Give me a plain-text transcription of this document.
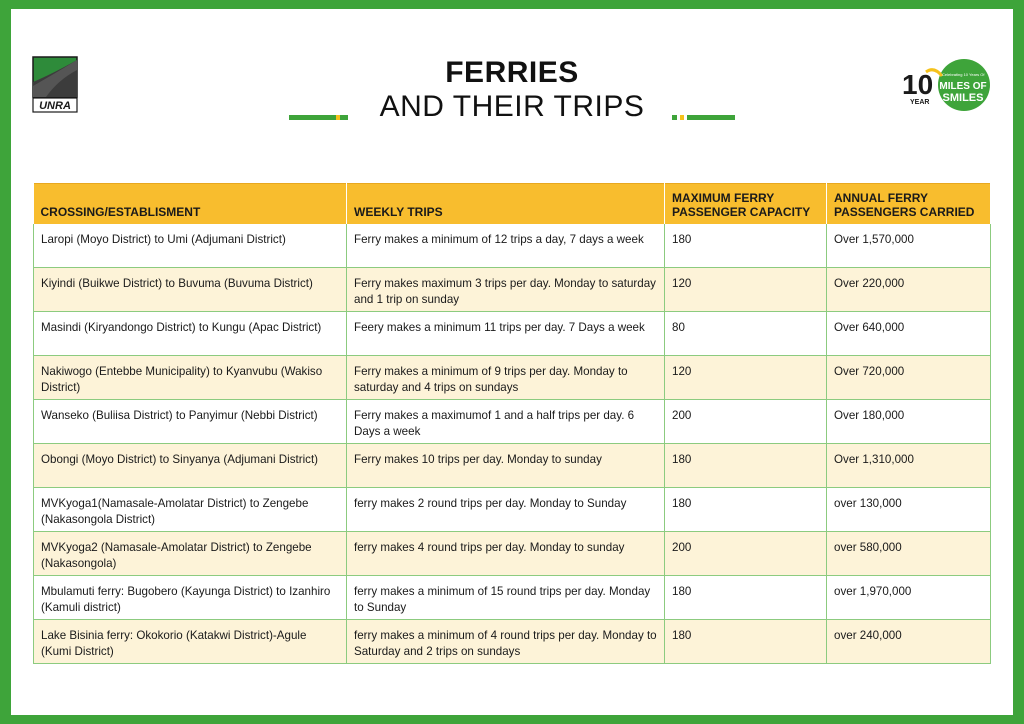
UNRA
10
YEAR
Celebrating 10 Years Of
MILES OF
SMILES
FERRIES
AND THEIR TRIPS
CROSSING/ESTABLISMENT	WEEKLY TRIPS	MAXIMUM FERRY PASSENGER CAPACITY	ANNUAL FERRY PASSENGERS CARRIED
Laropi (Moyo District) to Umi (Adjumani District)	Ferry makes a minimum of 12 trips a day, 7 days a week	180	Over 1,570,000
Kiyindi (Buikwe District) to Buvuma (Buvuma District)	Ferry makes maximum 3 trips per day. Monday to saturday and 1 trip on sunday	120	Over 220,000
Masindi (Kiryandongo District) to Kungu (Apac District)	Feery makes a minimum 11 trips per day. 7 Days a week	80	Over 640,000
Nakiwogo (Entebbe Municipality) to Kyanvubu (Wakiso District)	Ferry makes a minimum of 9 trips per day. Monday to saturday and 4 trips on sundays	120	Over 720,000
Wanseko (Buliisa District) to Panyimur (Nebbi District)	Ferry makes a maximumof 1 and a half trips per day. 6 Days a week	200	Over 180,000
Obongi (Moyo District) to Sinyanya (Adjumani District)	Ferry makes 10 trips per day. Monday to sunday	180	Over 1,310,000
MVKyoga1(Namasale-Amolatar District) to Zengebe (Nakasongola District)	ferry makes 2 round trips per day. Monday to Sunday	180	over 130,000
MVKyoga2 (Namasale-Amolatar District) to Zengebe (Nakasongola)	ferry makes 4 round trips per day. Monday to sunday	200	over 580,000
Mbulamuti ferry: Bugobero (Kayunga District) to Izanhiro (Kamuli district)	ferry makes a minimum of 15 round trips per day. Monday to Sunday	180	over 1,970,000
Lake Bisinia ferry: Okokorio (Katakwi District)-Agule (Kumi District)	ferry makes a minimum of 4 round trips per day. Monday to Saturday and 2 trips on sundays	180	over 240,000
